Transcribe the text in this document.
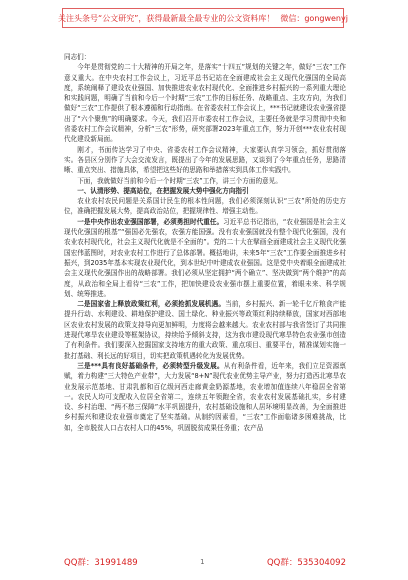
关注头条号“公文研究”，获得最新最全最专业的公文资料库！ 微信：gongwenyj

同志们：

今年是贯彻党的二十大精神的开局之年，是落实“十四五”规划的关键之年，做好“三农”工作意义重大。在中央农村工作会议上，习近平总书记站在全面建成社会主义现代化强国的全局高度，系统阐释了建设农业强国、加快推进农业农村现代化、全面推进乡村振兴的一系列重大理论和实践问题，明确了当前和今后一个时期“三农”工作的目标任务、战略重点、主攻方向，为我们做好“三农”工作提供了根本遵循和行动指南。在省委农村工作会议上，***书记就建设农业强省提出了“六个聚焦”的明确要求。今天，我们召开市委农村工作会议，主要任务就是学习贯彻中央和省委农村工作会议精神，分析“三农”形势，研究部署2023年重点工作，努力开创***农业农村现代化建设新局面。

刚才，书面传达学习了中央、省委农村工作会议精神，大家要认真学习领会，抓好贯彻落实。各县区分别作了大会交流发言，既提出了今年的发展思路，又谈到了今年重点任务，思路清晰、重点突出、措施具体，希望把这些好的思路和举措落实到具体工作实践中。

下面，我就做好当前和今后一个时期“三农”工作，讲三个方面的意见。

一、认清形势、提高站位，在把握发展大势中强化方向指引

农业农村农民问题是关系国计民生的根本性问题，我们必须深刻认识“三农”所处的历史方位，准确把握发展大势，提高政治站位，把握规律性、增强主动性。

一是中央作出农业强国部署，必须勇担时代重任。习近平总书记指出，“农业强国是社会主义现代化强国的根基”“强国必先强农，农强方能国强。没有农业强国就没有整个现代化强国，没有农业农村现代化，社会主义现代化就是不全面的”。党的二十大在擘画全面建成社会主义现代化强国宏伟蓝图时，对农业农村工作进行了总体部署。概括地讲，未来5年“三农”工作要全面推进乡村振兴，到2035年基本实现农业现代化，到本世纪中叶建成农业强国。这是党中央着眼全面建成社会主义现代化强国作出的战略部署。我们必须从坚定拥护“两个确立”、坚决做到“两个维护”的高度，从政治和全局上看待“三农”工作，把加快建设农业强市摆上重要位置，着眼未来、科学规划、统筹推进。

二是国家省上释放政策红利，必须抢抓发展机遇。当前，乡村振兴、新一轮千亿斤粮食产能提升行动、水利建设、耕地保护建设、国土绿化、种业振兴等政策红利持续释放，国家对西部地区农业农村发展的政策支持导向更加鲜明，力度将会越来越大。农业农村部与我省签订了共同推进现代寒旱农业建设等框架协议，持续给予倾斜支持，这为我市建设现代寒旱特色农业强市创造了有利条件。我们要深入挖掘国家支持地方的重大政策、重点项目、重要平台，精准谋划实施一批打基础、利长远的好项目，切实把政策机遇转化为发展优势。

三是***具有良好基础条件，必须转型升级发展。从有利条件看，近年来，我们立足资源禀赋，着力构建“三大特色产业带”，大力发展“8+N”现代农业优势主导产业，努力打造西北寒旱农业发展示范基地、甘肃乳都和百亿级河西走廊黄金奶源基地，农业增加值连续八年稳居全省第一。农民人均可支配收入位居全省第二，连续五年领跑全省，农业农村发展基础扎实，乡村建设、乡村治理、“两不愁三保障”水平巩固提升，农村基础设施和人居环境明显改善，为全面推进乡村振兴和建设农业强市奠定了坚实基础。从制约因素看，“三农”工作面临诸多困难挑战，比如，全市脱贫人口占农村人口的45%，巩固脱贫成果任务重；农产品

QQ群：31991489	1	QQ群：535304092
